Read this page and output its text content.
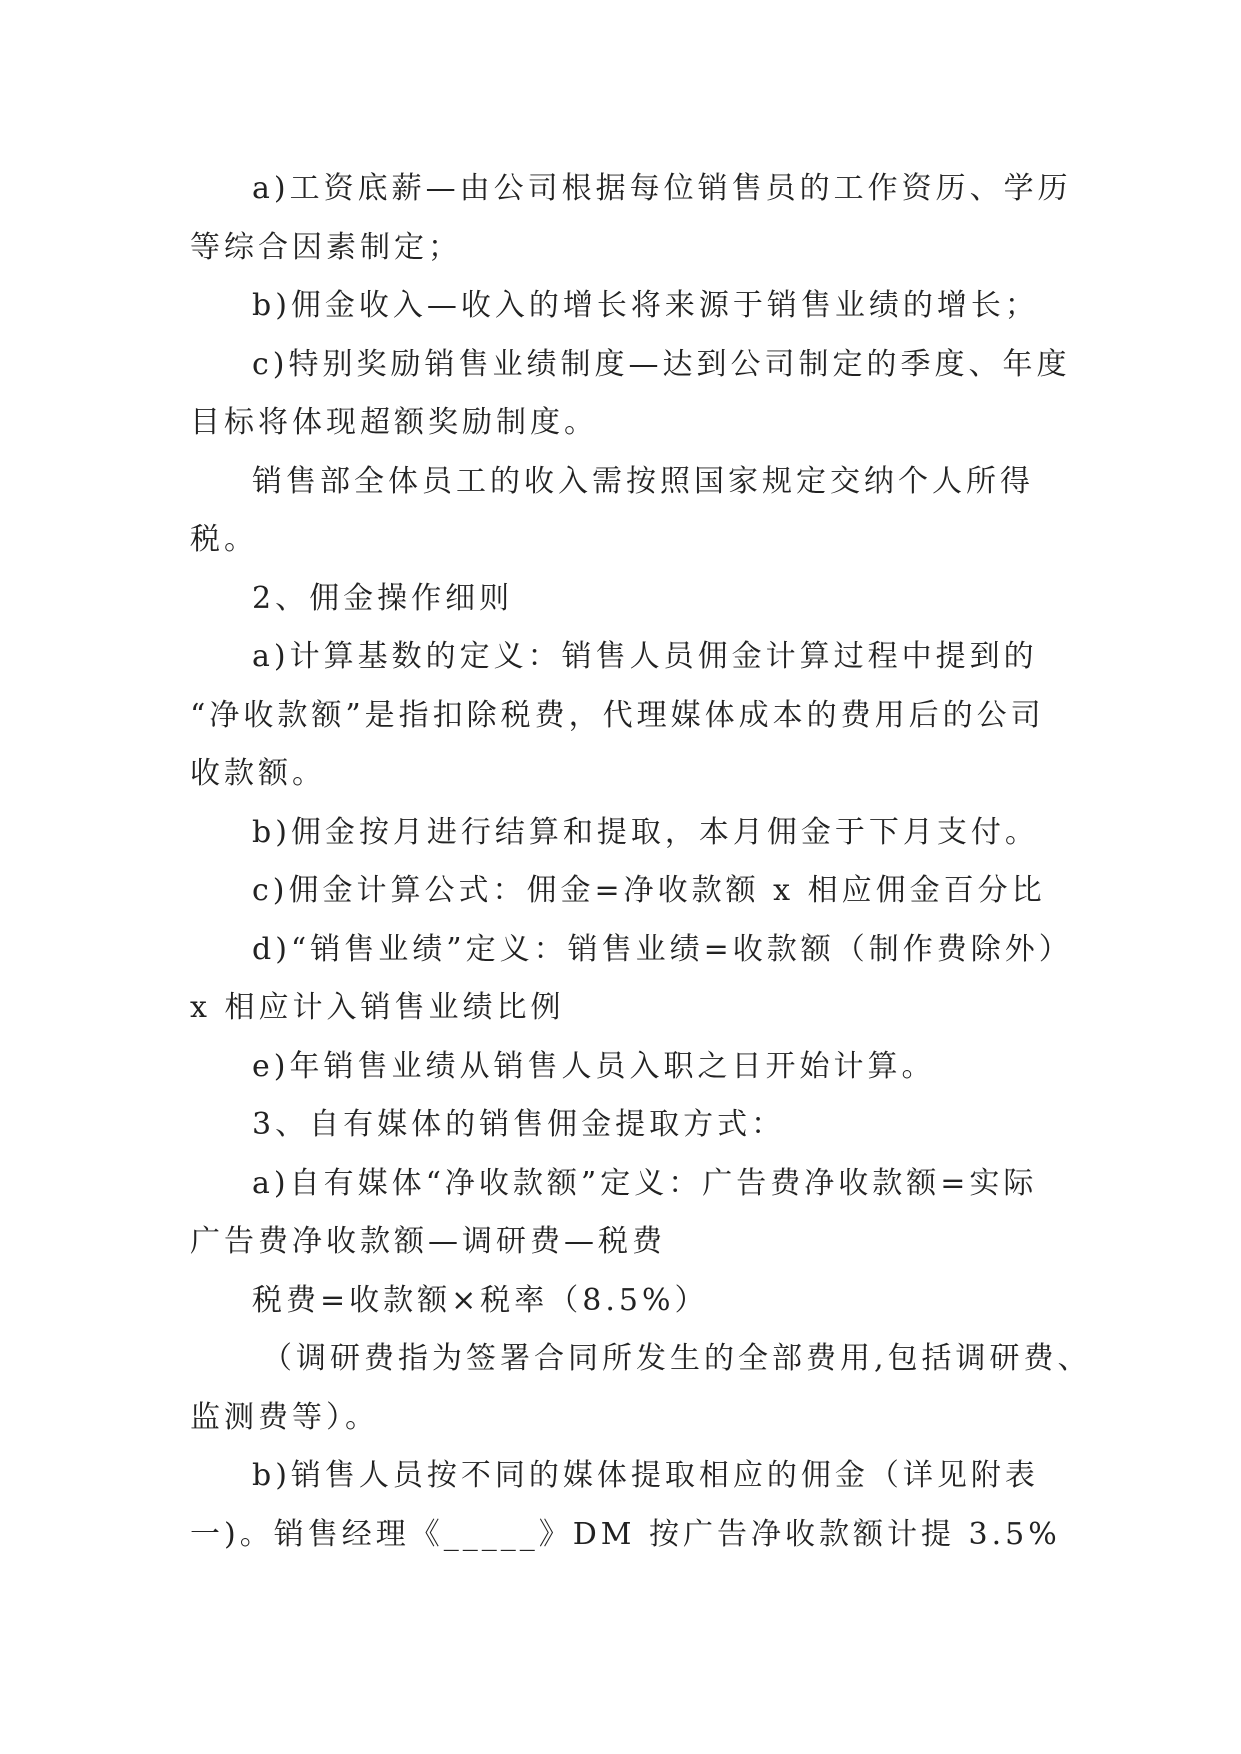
a)工资底薪—由公司根据每位销售员的工作资历、学历
等综合因素制定；
b)佣金收入—收入的增长将来源于销售业绩的增长；
c)特别奖励销售业绩制度—达到公司制定的季度、年度
目标将体现超额奖励制度。
销售部全体员工的收入需按照国家规定交纳个人所得
税。
2、佣金操作细则
a)计算基数的定义：销售人员佣金计算过程中提到的
“净收款额”是指扣除税费，代理媒体成本的费用后的公司
收款额。
b)佣金按月进行结算和提取，本月佣金于下月支付。
c)佣金计算公式：佣金=净收款额 x 相应佣金百分比
d)“销售业绩”定义：销售业绩=收款额（制作费除外）
x 相应计入销售业绩比例
e)年销售业绩从销售人员入职之日开始计算。
3、自有媒体的销售佣金提取方式：
a)自有媒体“净收款额”定义：广告费净收款额=实际
广告费净收款额—调研费—税费
税费=收款额×税率（8.5%）
（调研费指为签署合同所发生的全部费用,包括调研费、
监测费等）。
b)销售人员按不同的媒体提取相应的佣金（详见附表
一)。销售经理《_____》DM 按广告净收款额计提 3.5%
